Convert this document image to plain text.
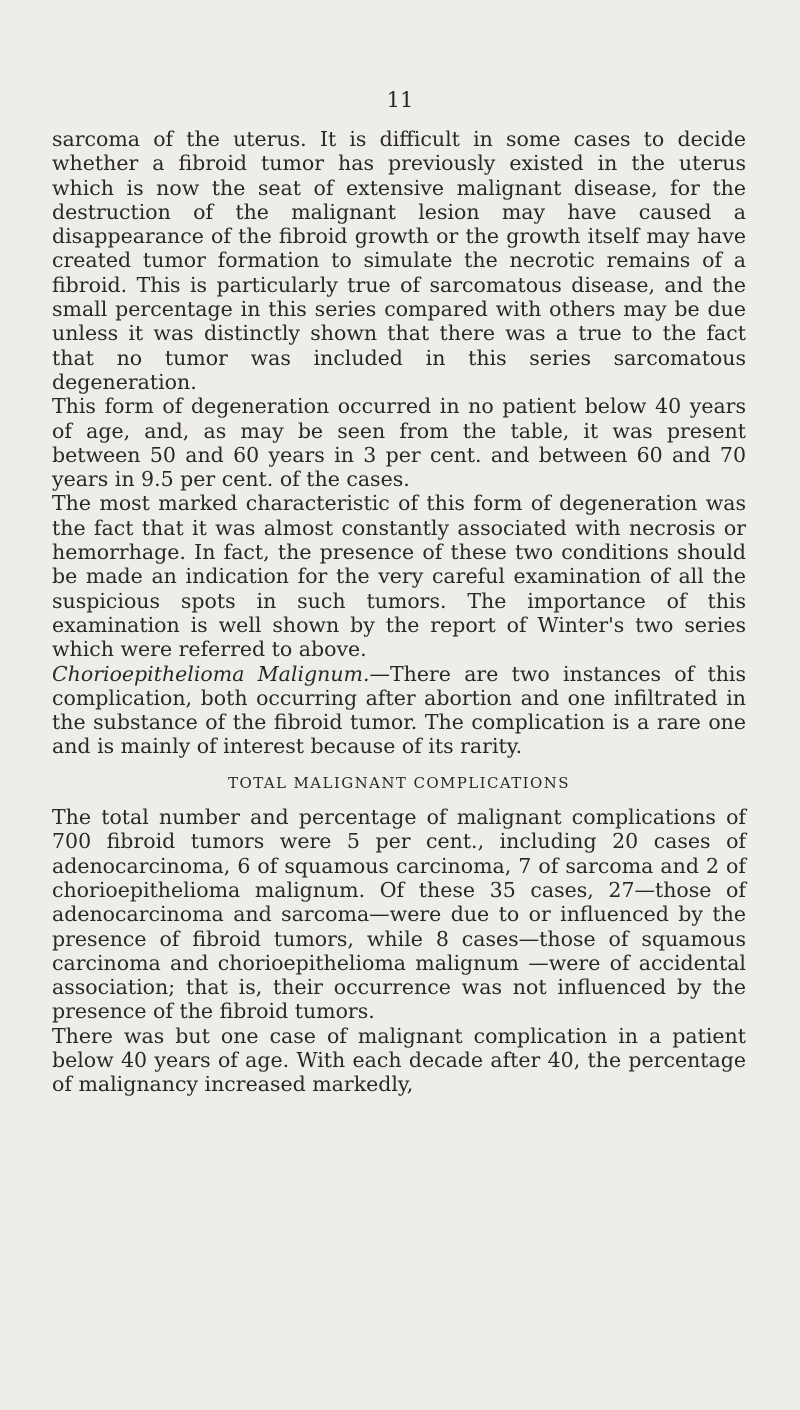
11

sarcoma of the uterus. It is difficult in some cases to decide whether a fibroid tumor has previously existed in the uterus which is now the seat of extensive malignant disease, for the destruction of the malignant lesion may have caused a disappearance of the fibroid growth or the growth itself may have created tumor formation to simulate the necrotic remains of a fibroid. This is particularly true of sarcomatous disease, and the small percentage in this series compared with others may be due unless it was distinctly shown that there was a true to the fact that no tumor was included in this series sarcomatous degeneration.

This form of degeneration occurred in no patient below 40 years of age, and, as may be seen from the table, it was present between 50 and 60 years in 3 per cent. and between 60 and 70 years in 9.5 per cent. of the cases.

The most marked characteristic of this form of degeneration was the fact that it was almost constantly associated with necrosis or hemorrhage. In fact, the presence of these two conditions should be made an indication for the very careful examination of all the suspicious spots in such tumors. The importance of this examination is well shown by the report of Winter's two series which were referred to above.

Chorioepithelioma Malignum.—There are two instances of this complication, both occurring after abortion and one infiltrated in the substance of the fibroid tumor. The complication is a rare one and is mainly of interest because of its rarity.

TOTAL MALIGNANT COMPLICATIONS

The total number and percentage of malignant complications of 700 fibroid tumors were 5 per cent., including 20 cases of adenocarcinoma, 6 of squamous carcinoma, 7 of sarcoma and 2 of chorioepithelioma malignum. Of these 35 cases, 27—those of adenocarcinoma and sarcoma—were due to or influenced by the presence of fibroid tumors, while 8 cases—those of squamous carcinoma and chorioepithelioma malignum —were of accidental association; that is, their occurrence was not influenced by the presence of the fibroid tumors.

There was but one case of malignant complication in a patient below 40 years of age. With each decade after 40, the percentage of malignancy increased markedly,
